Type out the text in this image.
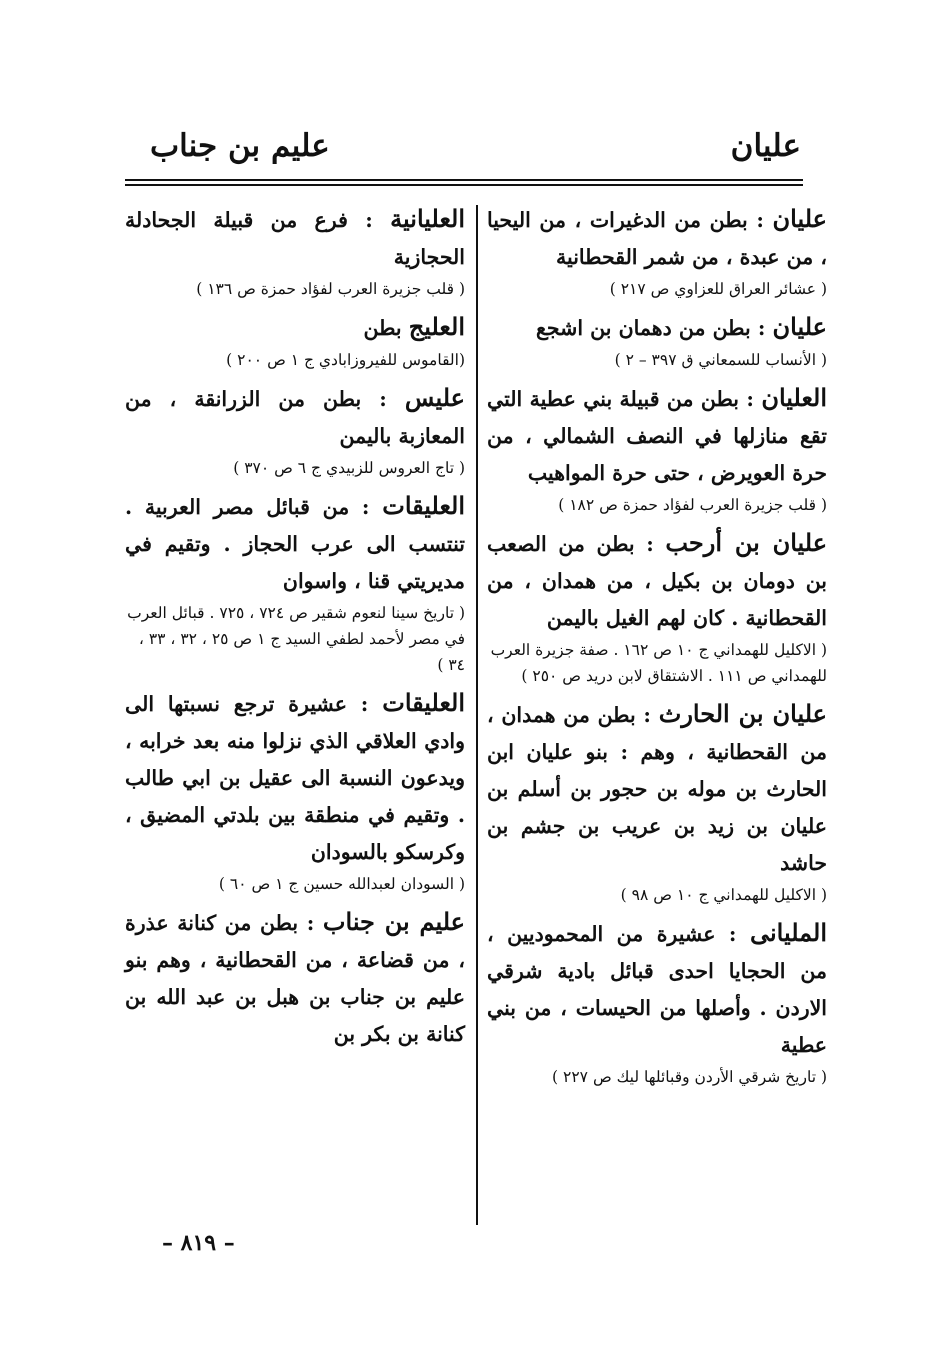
عليان
عليم بن جناب

عليان : بطن من الدغيرات ، من اليحيا ، من عبدة ، من شمر القحطانية

( عشائر العراق للعزاوي ص ٢١٧ )

عليان : بطن من دهمان بن اشجع

( الأنساب للسمعاني ق ٣٩٧ – ٢ )

العليان : بطن من قبيلة بني عطية التي تقع منازلها في النصف الشمالي ، من حرة العويرض ، حتى حرة المواهيب

( قلب جزيرة العرب لفؤاد حمزة ص ١٨٢ )

عليان بن أرحب : بطن من الصعب بن دومان بن بكيل ، من همدان ، من القحطانية . كان لهم الغيل باليمن

( الاكليل للهمداني ج ١٠ ص ١٦٢ . صفة جزيرة العرب للهمداني ص ١١١ . الاشتقاق لابن دريد ص ٢٥٠ )

عليان بن الحارث : بطن من همدان ، من القحطانية ، وهم : بنو عليان ابن الحارث بن موله بن حجور بن أسلم بن عليان بن زيد بن عريب بن جشم بن حاشد

( الاكليل للهمداني ج ١٠ ص ٩٨ )

المليانى : عشيرة من المحموديين ، من الحجايا احدى قبائل بادية شرقي الاردن . وأصلها من الحيسات ، من بني عطية

( تاريخ شرقي الأردن وقبائلها ليك ص ٢٢٧ )

العليانية : فرع من قبيلة الجحادلة الحجازية

( قلب جزيرة العرب لفؤاد حمزة ص ١٣٦ )

العليج بطن

(القاموس للفيروزابادي ج ١ ص ٢٠٠ )

عليس : بطن من الزرانقة ، من المعازبة باليمن

( تاج العروس للزبيدي ج ٦ ص ٣٧٠ )

العليقات : من قبائل مصر العربية . تنتسب الى عرب الحجاز . وتقيم في مديريتي قنا ، واسوان

( تاريخ سينا لنعوم شقير ص ٧٢٤ ، ٧٢٥ . قبائل العرب في مصر لأحمد لطفي السيد ج ١ ص ٢٥ ، ٣٢ ، ٣٣ ، ٣٤ )

العليقات : عشيرة ترجع نسبتها الى وادي العلاقي الذي نزلوا منه بعد خرابه ، ويدعون النسبة الى عقيل بن ابي طالب . وتقيم في منطقة بين بلدتي المضيق ، وكرسكو بالسودان

( السودان لعبدالله حسين ج ١ ص ٦٠ )

عليم بن جناب : بطن من كنانة عذرة ، من قضاعة ، من القحطانية ، وهم بنو عليم بن جناب بن هبل بن عبد الله بن كنانة بن بكر بن

– ٨١٩ –
